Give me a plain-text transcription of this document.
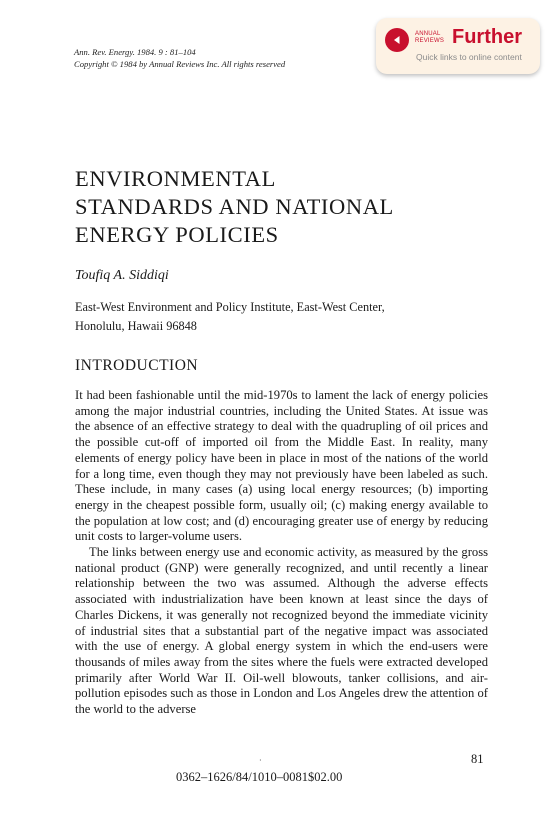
Ann. Rev. Energy. 1984. 9 : 81–104
Copyright © 1984 by Annual Reviews Inc. All rights reserved
ANNUAL
REVIEWS Further
Quick links to online content
ENVIRONMENTAL
STANDARDS AND NATIONAL
ENERGY POLICIES
Toufiq A. Siddiqi
East-West Environment and Policy Institute, East-West Center,
Honolulu, Hawaii 96848
INTRODUCTION

It had been fashionable until the mid-1970s to lament the lack of energy policies among the major industrial countries, including the United States. At issue was the absence of an effective strategy to deal with the quadrupling of oil prices and the possible cut-off of imported oil from the Middle East. In reality, many elements of energy policy have been in place in most of the nations of the world for a long time, even though they may not previously have been labeled as such. These include, in many cases (a) using local energy resources; (b) importing energy in the cheapest possible form, usually oil; (c) making energy available to the population at low cost; and (d) encouraging greater use of energy by reducing unit costs to larger-volume users.

The links between energy use and economic activity, as measured by the gross national product (GNP) were generally recognized, and until recently a linear relationship between the two was assumed. Although the adverse effects associated with industrialization have been known at least since the days of Charles Dickens, it was generally not recognized beyond the immediate vicinity of industrial sites that a substantial part of the negative impact was associated with the use of energy. A global energy system in which the end-users were thousands of miles away from the sites where the fuels were extracted developed primarily after World War II. Oil-well blowouts, tanker collisions, and air-pollution episodes such as those in London and Los Angeles drew the attention of the world to the adverse

·	81
0362–1626/84/1010–0081$02.00
